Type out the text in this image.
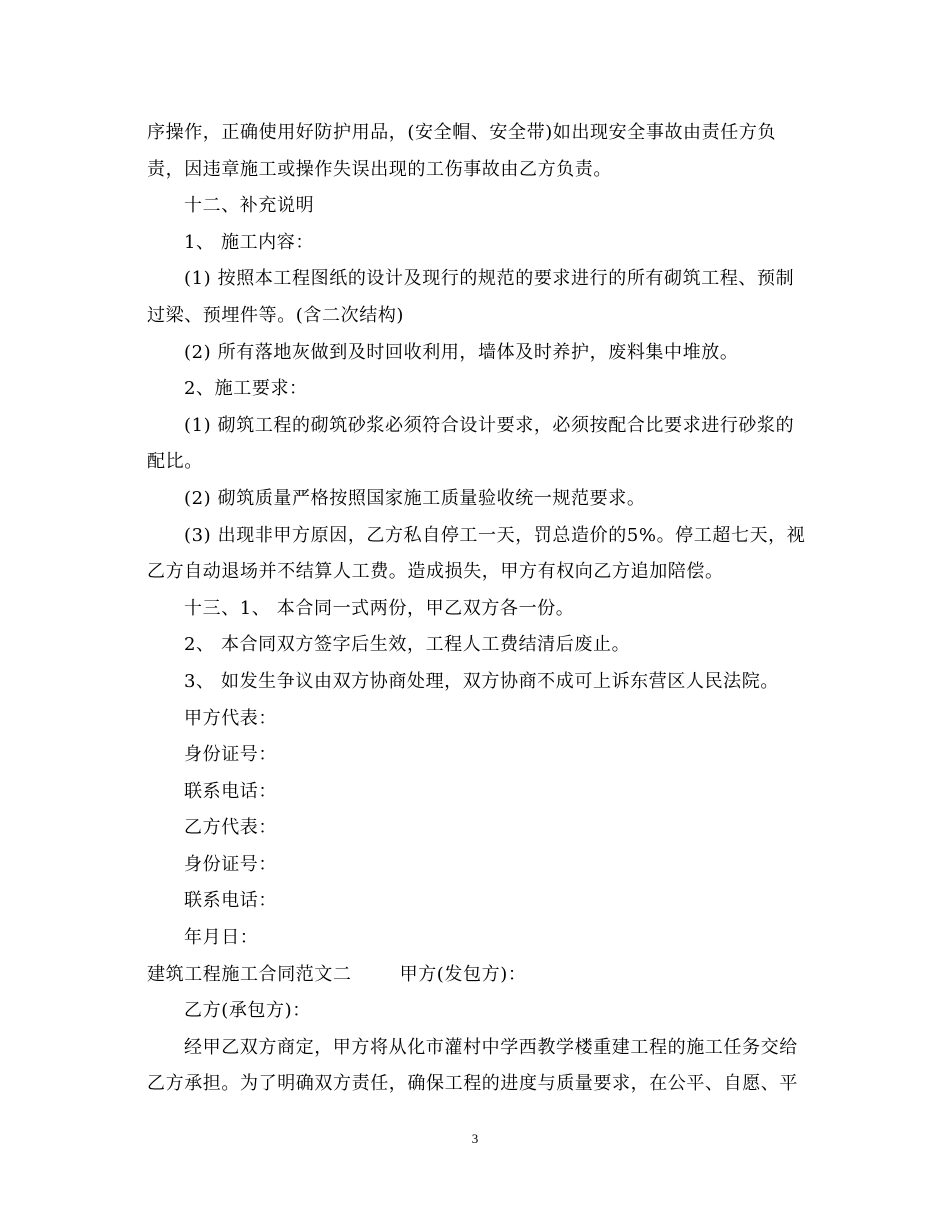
序操作，正确使用好防护用品，(安全帽、安全带)如出现安全事故由责任方负
责，因违章施工或操作失误出现的工伤事故由乙方负责。
十二、补充说明
1、 施工内容：
(1) 按照本工程图纸的设计及现行的规范的要求进行的所有砌筑工程、预制
过梁、预埋件等。(含二次结构)
(2) 所有落地灰做到及时回收利用，墙体及时养护，废料集中堆放。
2、施工要求：
(1) 砌筑工程的砌筑砂浆必须符合设计要求，必须按配合比要求进行砂浆的
配比。
(2) 砌筑质量严格按照国家施工质量验收统一规范要求。
(3) 出现非甲方原因，乙方私自停工一天，罚总造价的5%。停工超七天，视
乙方自动退场并不结算人工费。造成损失，甲方有权向乙方追加陪偿。
十三、1、 本合同一式两份，甲乙双方各一份。
2、 本合同双方签字后生效，工程人工费结清后废止。
3、 如发生争议由双方协商处理，双方协商不成可上诉东营区人民法院。
甲方代表：
身份证号：
联系电话：
乙方代表：
身份证号：
联系电话：
年月日：
建筑工程施工合同范文二	甲方(发包方)：
乙方(承包方)：
经甲乙双方商定，甲方将从化市灌村中学西教学楼重建工程的施工任务交给
乙方承担。为了明确双方责任，确保工程的进度与质量要求，在公平、自愿、平
3
